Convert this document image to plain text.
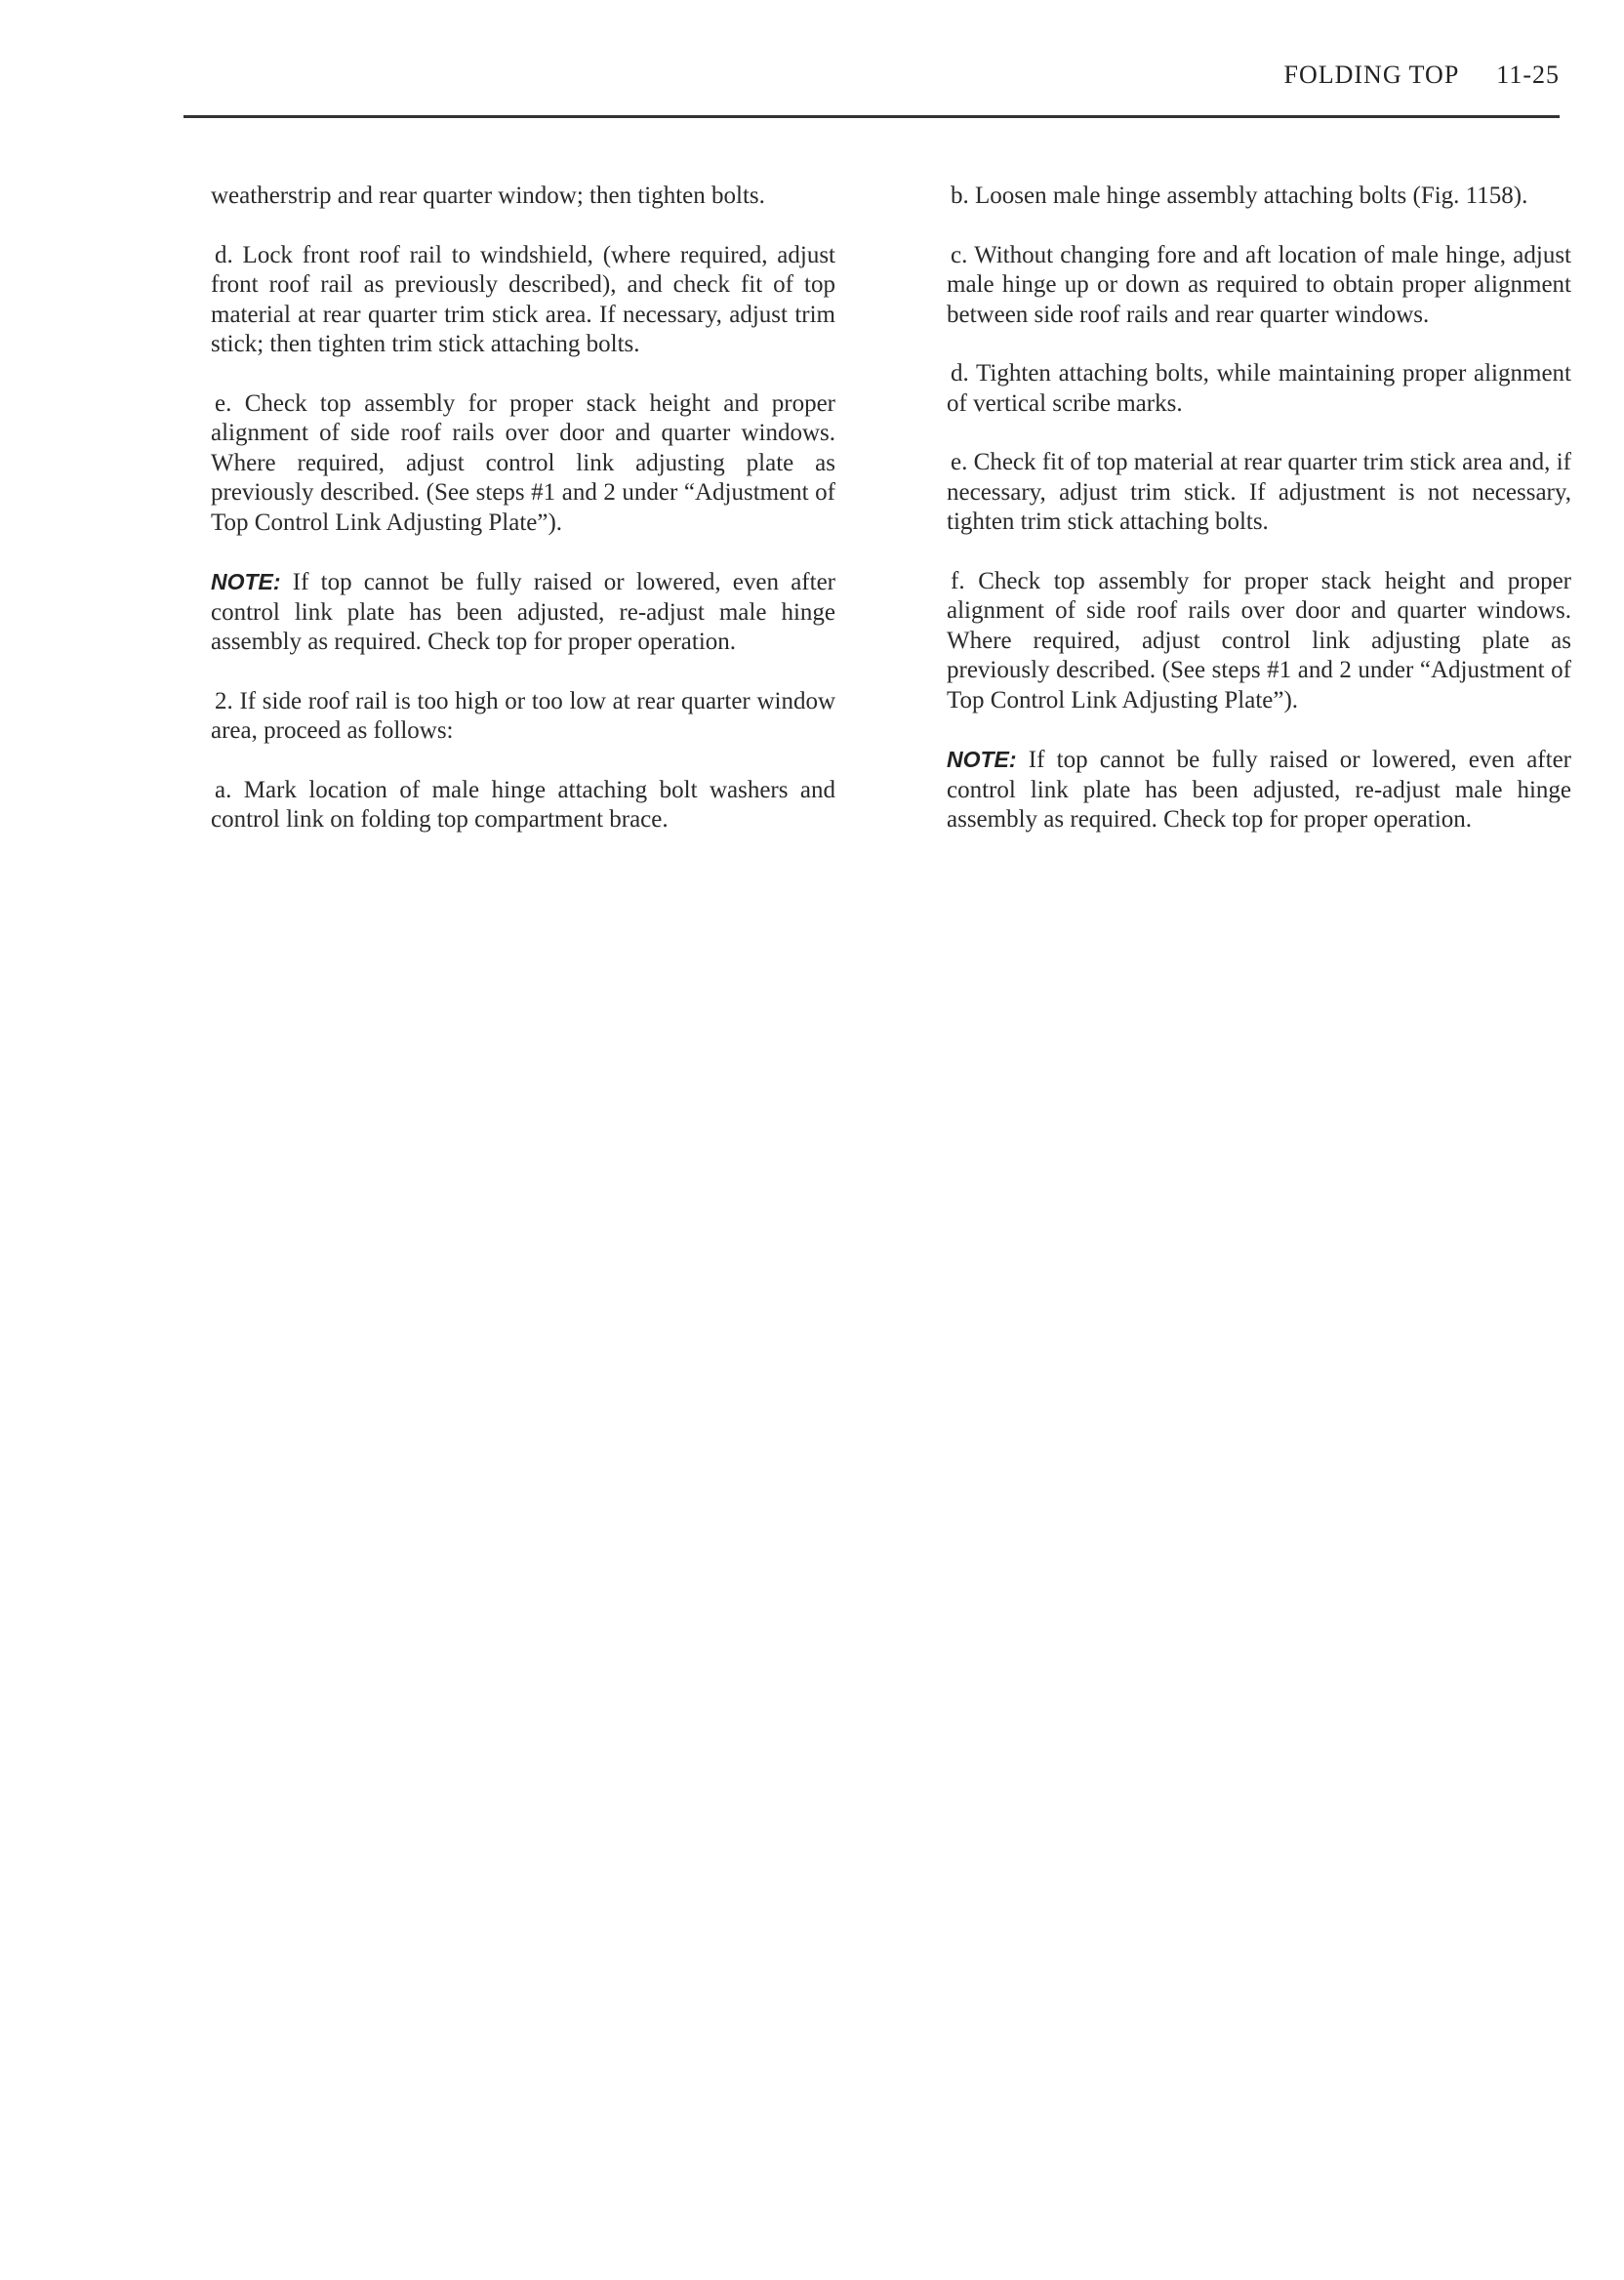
FOLDING TOP 11-25

weatherstrip and rear quarter window; then tighten bolts.

d. Lock front roof rail to windshield, (where required, adjust front roof rail as previously described), and check fit of top material at rear quarter trim stick area. If necessary, adjust trim stick; then tighten trim stick attaching bolts.

e. Check top assembly for proper stack height and proper alignment of side roof rails over door and quarter windows. Where required, adjust control link adjusting plate as previously described. (See steps #1 and 2 under “Adjustment of Top Control Link Adjusting Plate”).

NOTE: If top cannot be fully raised or lowered, even after control link plate has been adjusted, re-adjust male hinge assembly as required. Check top for proper operation.

2. If side roof rail is too high or too low at rear quarter window area, proceed as follows:

a. Mark location of male hinge attaching bolt washers and control link on folding top compartment brace.

b. Loosen male hinge assembly attaching bolts (Fig. 1158).

c. Without changing fore and aft location of male hinge, adjust male hinge up or down as required to obtain proper alignment between side roof rails and rear quarter windows.

d. Tighten attaching bolts, while maintaining proper alignment of vertical scribe marks.

e. Check fit of top material at rear quarter trim stick area and, if necessary, adjust trim stick. If adjustment is not necessary, tighten trim stick attaching bolts.

f. Check top assembly for proper stack height and proper alignment of side roof rails over door and quarter windows. Where required, adjust control link adjusting plate as previously described. (See steps #1 and 2 under “Adjustment of Top Control Link Adjusting Plate”).

NOTE: If top cannot be fully raised or lowered, even after control link plate has been adjusted, re-adjust male hinge assembly as required. Check top for proper operation.
